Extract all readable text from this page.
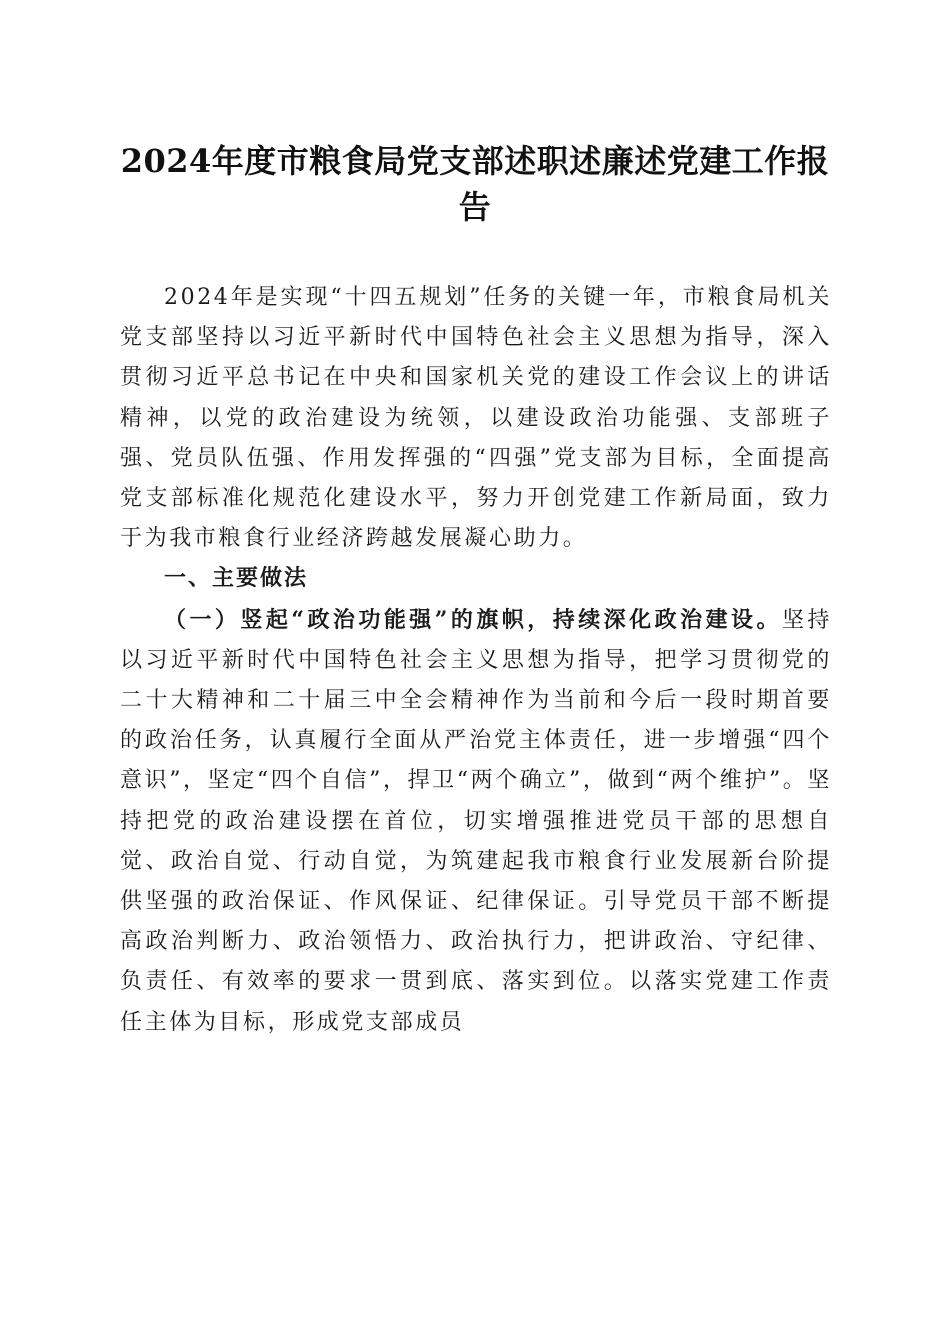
2024年度市粮食局党支部述职述廉述党建工作报告

2024年是实现“十四五规划”任务的关键一年，市粮食局机关党支部坚持以习近平新时代中国特色社会主义思想为指导，深入贯彻习近平总书记在中央和国家机关党的建设工作会议上的讲话精神，以党的政治建设为统领，以建设政治功能强、支部班子强、党员队伍强、作用发挥强的“四强”党支部为目标，全面提高党支部标准化规范化建设水平，努力开创党建工作新局面，致力于为我市粮食行业经济跨越发展凝心助力。

一、主要做法

（一）竖起“政治功能强”的旗帜，持续深化政治建设。坚持以习近平新时代中国特色社会主义思想为指导，把学习贯彻党的二十大精神和二十届三中全会精神作为当前和今后一段时期首要的政治任务，认真履行全面从严治党主体责任，进一步增强“四个意识”，坚定“四个自信”，捍卫“两个确立”，做到“两个维护”。坚持把党的政治建设摆在首位，切实增强推进党员干部的思想自觉、政治自觉、行动自觉，为筑建起我市粮食行业发展新台阶提供坚强的政治保证、作风保证、纪律保证。引导党员干部不断提高政治判断力、政治领悟力、政治执行力，把讲政治、守纪律、负责任、有效率的要求一贯到底、落实到位。以落实党建工作责任主体为目标，形成党支部成员
